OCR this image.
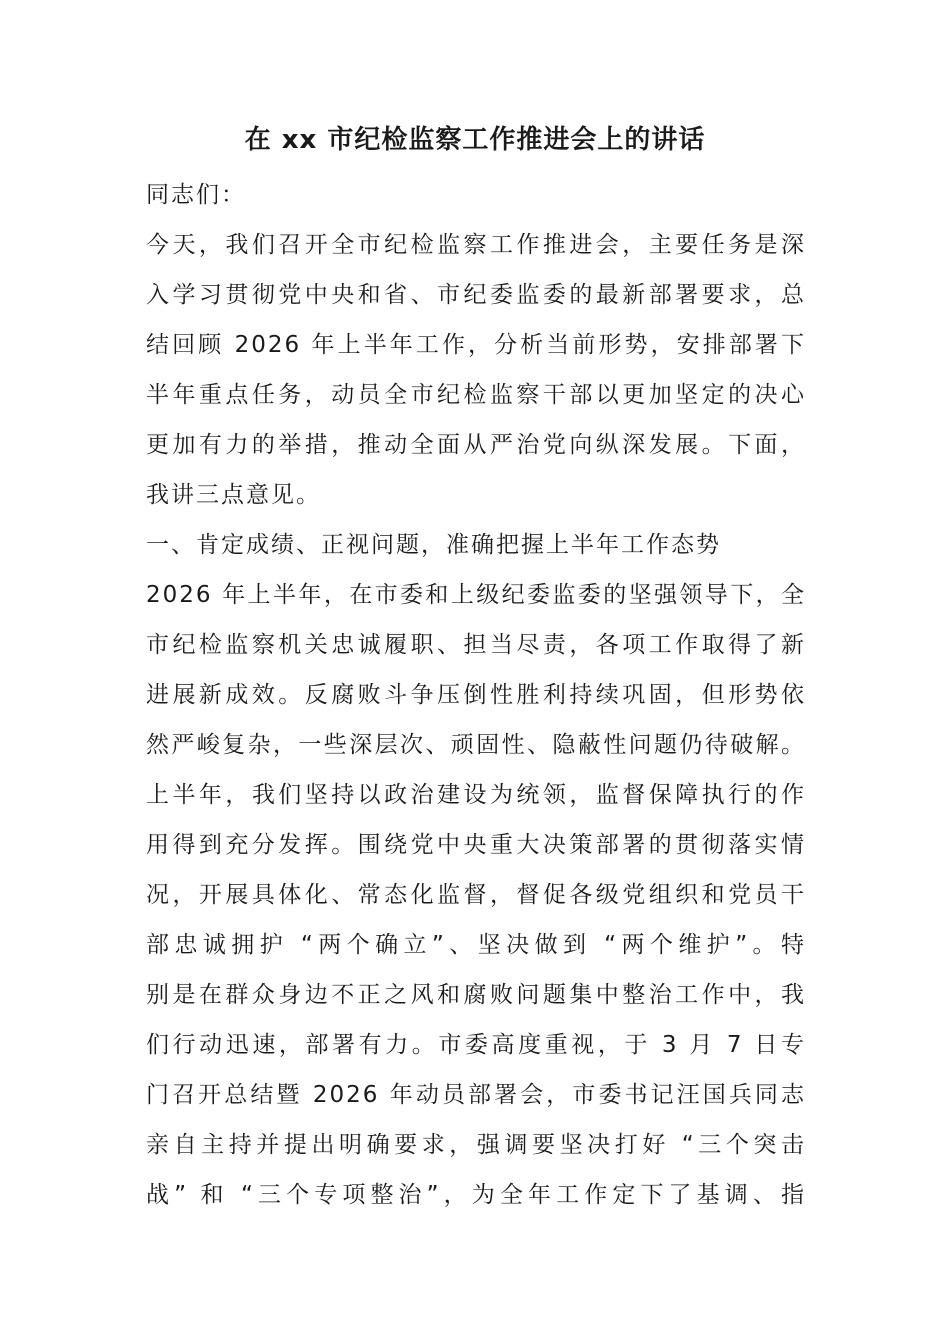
在 xx 市纪检监察工作推进会上的讲话
同志们：
今天，我们召开全市纪检监察工作推进会，主要任务是深
入学习贯彻党中央和省、市纪委监委的最新部署要求，总
结回顾 2026 年上半年工作，分析当前形势，安排部署下
半年重点任务，动员全市纪检监察干部以更加坚定的决心
更加有力的举措，推动全面从严治党向纵深发展。下面，
我讲三点意见。
一、肯定成绩、正视问题，准确把握上半年工作态势
2026 年上半年，在市委和上级纪委监委的坚强领导下，全
市纪检监察机关忠诚履职、担当尽责，各项工作取得了新
进展新成效。反腐败斗争压倒性胜利持续巩固，但形势依
然严峻复杂，一些深层次、顽固性、隐蔽性问题仍待破解。
上半年，我们坚持以政治建设为统领，监督保障执行的作
用得到充分发挥。围绕党中央重大决策部署的贯彻落实情
况，开展具体化、常态化监督，督促各级党组织和党员干
部忠诚拥护 “两个确立”、坚决做到 “两个维护”。特
别是在群众身边不正之风和腐败问题集中整治工作中，我
们行动迅速，部署有力。市委高度重视，于 3 月 7 日专
门召开总结暨 2026 年动员部署会，市委书记汪国兵同志
亲自主持并提出明确要求，强调要坚决打好 “三个突击
战” 和 “三个专项整治”，为全年工作定下了基调、指
